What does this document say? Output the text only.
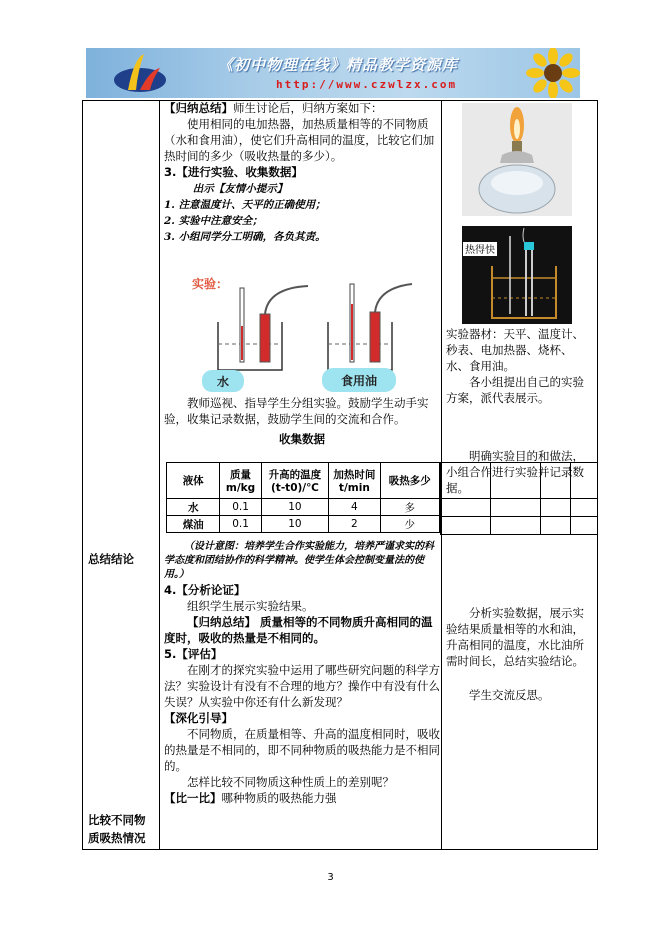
《初中物理在线》精品教学资源库
http://www.czwlzx.com
总结结论
比较不同物
质吸热情况

【归纳总结】师生讨论后，归纳方案如下：

使用相同的电加热器，加热质量相等的不同物质（水和食用油），使它们升高相同的温度，比较它们加热时间的多少（吸收热量的多少）。

3.【进行实验、收集数据】

出示【友情小提示】

1. 注意温度计、天平的正确使用；

2. 实验中注意安全；

3. 小组同学分工明确，各负其责。

实验：
水	食用油

教师巡视、指导学生分组实验。鼓励学生动手实验，收集记录数据，鼓励学生间的交流和合作。

收集数据

液体	质量m/kg	升高的温度(t-t0)/℃	加热时间t/min	吸热多少
水	0.1	10	4	多
煤油	0.1	10	2	少

（设计意图：培养学生合作实验能力，培养严谨求实的科学态度和团结协作的科学精神。使学生体会控制变量法的使用。）

4.【分析论证】

组织学生展示实验结果。

【归纳总结】 质量相等的不同物质升高相同的温度时，吸收的热量是不相同的。

5.【评估】

在刚才的探究实验中运用了哪些研究问题的科学方法？实验设计有没有不合理的地方？操作中有没有什么失误？从实验中你还有什么新发现？

【深化引导】

不同物质，在质量相等、升高的温度相同时，吸收的热量是不相同的，即不同种物质的吸热能力是不相同的。

怎样比较不同物质这种性质上的差别呢？

【比一比】哪种物质的吸热能力强

热得快

实验器材：天平、温度计、秒表、电加热器、烧杯、水、食用油。

各小组提出自己的实验方案，派代表展示。

明确实验目的和做法，小组合作进行实验并记录数据。

分析实验数据，展示实验结果质量相等的水和油，升高相同的温度，水比油所需时间长，总结实验结论。

学生交流反思。

3
